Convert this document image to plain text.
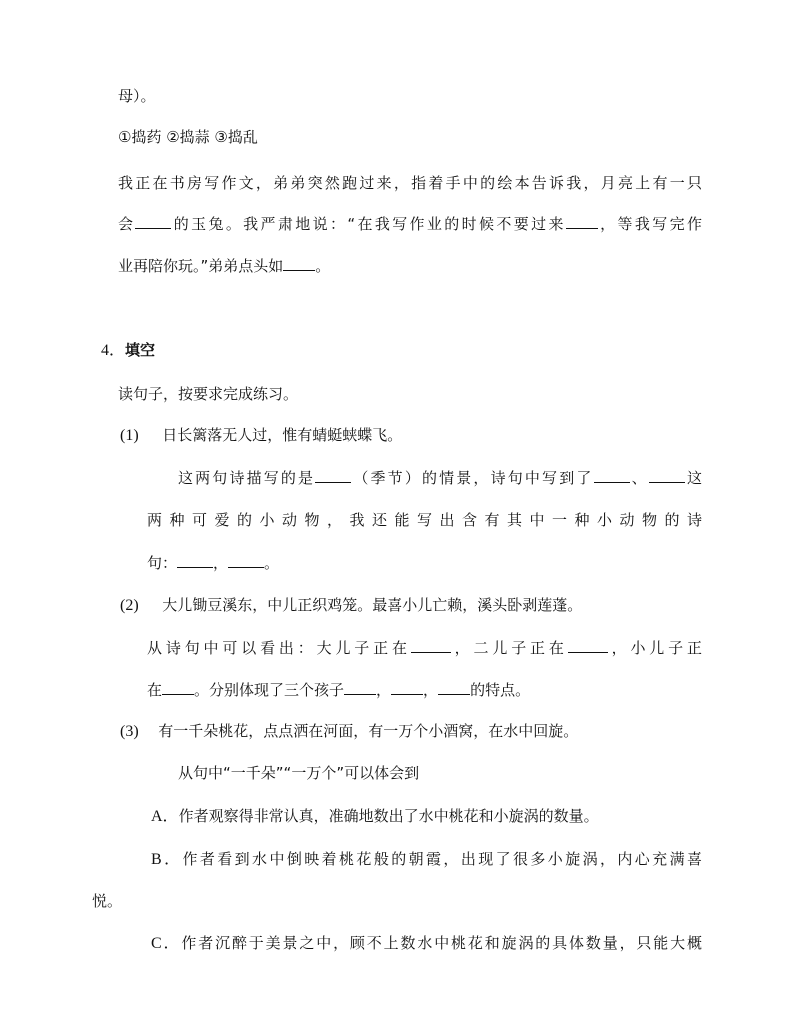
母）。
①捣药 ②捣蒜 ③捣乱
我正在书房写作文，弟弟突然跑过来，指着手中的绘本告诉我，月亮上有一只
会 的玉兔。我严肃地说：“在我写作业的时候不要过来 ，等我写完作
业再陪你玩。”弟弟点头如 。
4．填空
读句子，按要求完成练习。
(1) 日长篱落无人过，惟有蜻蜓蛱蝶飞。
这两句诗描写的是 （季节）的情景，诗句中写到了 、 这
两种可爱的小动物，我还能写出含有其中一种小动物的诗
句： ， 。
(2) 大儿锄豆溪东，中儿正织鸡笼。最喜小儿亡赖，溪头卧剥莲蓬。
从诗句中可以看出：大儿子正在	，二儿子正在	，小儿子正
在 。分别体现了三个孩子 ， ， 的特点。
(3) 有一千朵桃花，点点洒在河面，有一万个小酒窝，在水中回旋。
从句中“一千朵”“一万个”可以体会到
A．作者观察得非常认真，准确地数出了水中桃花和小旋涡的数量。
B．作者看到水中倒映着桃花般的朝霞，出现了很多小旋涡，内心充满喜
悦。
C．作者沉醉于美景之中，顾不上数水中桃花和旋涡的具体数量，只能大概
